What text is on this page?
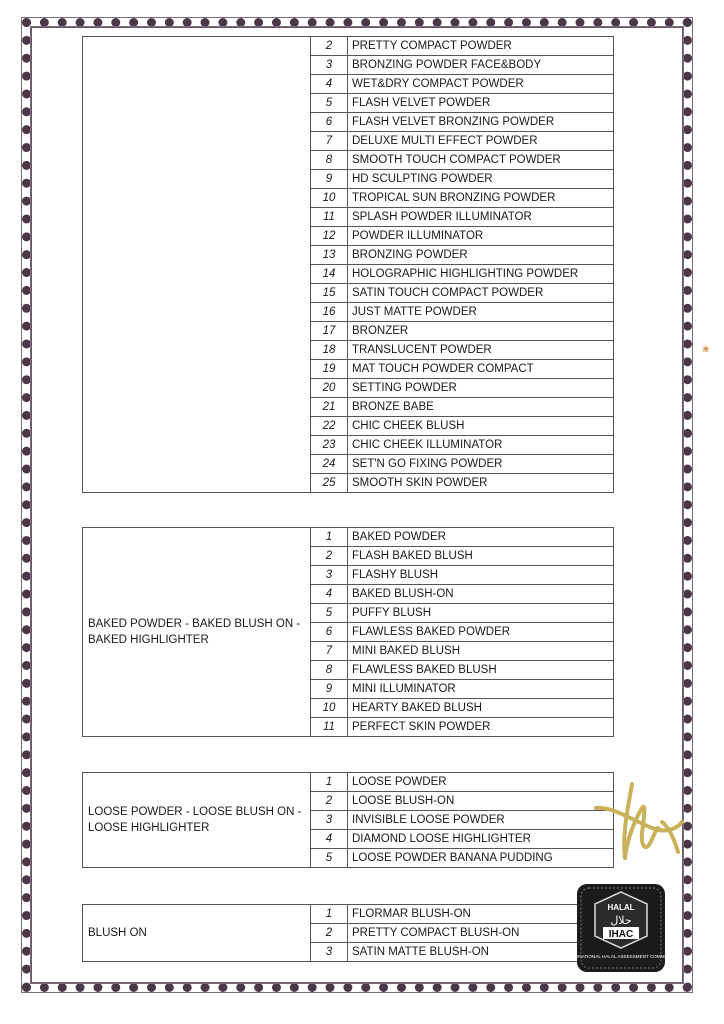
	2	PRETTY COMPACT POWDER
	3	BRONZING POWDER FACE&BODY
	4	WET&DRY COMPACT POWDER
	5	FLASH VELVET POWDER
	6	FLASH VELVET BRONZING POWDER
	7	DELUXE MULTI EFFECT POWDER
	8	SMOOTH TOUCH COMPACT POWDER
	9	HD SCULPTING POWDER
	10	TROPICAL SUN BRONZING POWDER
	11	SPLASH POWDER ILLUMINATOR
	12	POWDER ILLUMINATOR
	13	BRONZING POWDER
	14	HOLOGRAPHIC HIGHLIGHTING POWDER
	15	SATIN TOUCH COMPACT POWDER
	16	JUST MATTE POWDER
	17	BRONZER
	18	TRANSLUCENT POWDER
	19	MAT TOUCH POWDER COMPACT
	20	SETTING POWDER
	21	BRONZE BABE
	22	CHIC CHEEK BLUSH
	23	CHIC CHEEK ILLUMINATOR
	24	SET'N GO FIXING POWDER
	25	SMOOTH SKIN POWDER
BAKED POWDER - BAKED BLUSH ON - BAKED HIGHLIGHTER	1	BAKED POWDER
	2	FLASH BAKED BLUSH
	3	FLASHY BLUSH
	4	BAKED BLUSH-ON
	5	PUFFY BLUSH
	6	FLAWLESS BAKED POWDER
	7	MINI BAKED BLUSH
	8	FLAWLESS BAKED BLUSH
	9	MINI ILLUMINATOR
	10	HEARTY BAKED BLUSH
	11	PERFECT SKIN POWDER
LOOSE POWDER - LOOSE BLUSH ON - LOOSE HIGHLIGHTER	1	LOOSE POWDER
	2	LOOSE BLUSH-ON
	3	INVISIBLE LOOSE POWDER
	4	DIAMOND LOOSE HIGHLIGHTER
	5	LOOSE POWDER BANANA PUDDING
BLUSH ON	1	FLORMAR BLUSH-ON
	2	PRETTY COMPACT BLUSH-ON
	3	SATIN MATTE BLUSH-ON
❀
HALAL
حلال
IHAC
INTERNATIONAL HALAL ASSESSMENT COMMITTEE
